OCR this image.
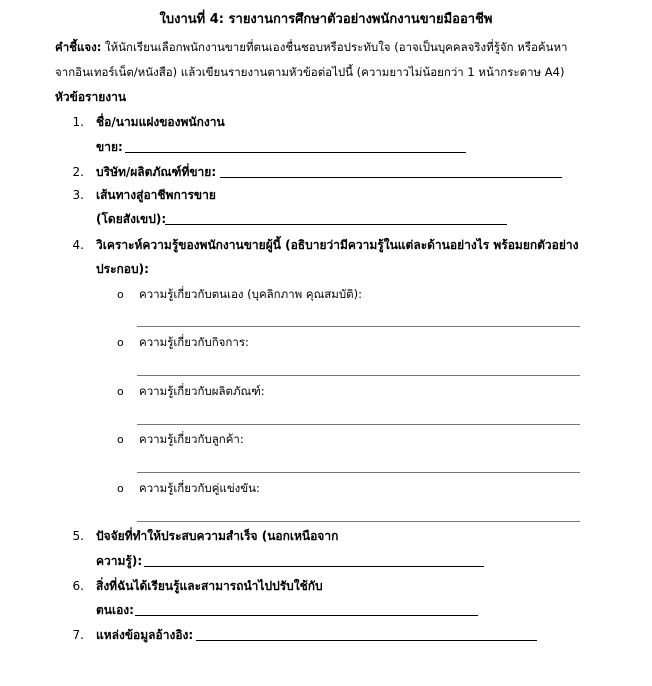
ใบงานที่ 4: รายงานการศึกษาตัวอย่างพนักงานขายมืออาชีพ
คำชี้แจง: ให้นักเรียนเลือกพนักงานขายที่ตนเองชื่นชอบหรือประทับใจ (อาจเป็นบุคคลจริงที่รู้จัก หรือค้นหา
จากอินเทอร์เน็ต/หนังสือ) แล้วเขียนรายงานตามหัวข้อต่อไปนี้ (ความยาวไม่น้อยกว่า 1 หน้ากระดาษ A4)
หัวข้อรายงาน
1. ชื่อ/นามแฝงของพนักงาน
ขาย:
2. บริษัท/ผลิตภัณฑ์ที่ขาย:
3. เส้นทางสู่อาชีพการขาย
(โดยสังเขป):
4. วิเคราะห์ความรู้ของพนักงานขายผู้นี้ (อธิบายว่ามีความรู้ในแต่ละด้านอย่างไร พร้อมยกตัวอย่าง
ประกอบ):
o ความรู้เกี่ยวกับตนเอง (บุคลิกภาพ คุณสมบัติ):
o ความรู้เกี่ยวกับกิจการ:
o ความรู้เกี่ยวกับผลิตภัณฑ์:
o ความรู้เกี่ยวกับลูกค้า:
o ความรู้เกี่ยวกับคู่แข่งขัน:
5. ปัจจัยที่ทำให้ประสบความสำเร็จ (นอกเหนือจาก
ความรู้):
6. สิ่งที่ฉันได้เรียนรู้และสามารถนำไปปรับใช้กับ
ตนเอง:
7. แหล่งข้อมูลอ้างอิง:
